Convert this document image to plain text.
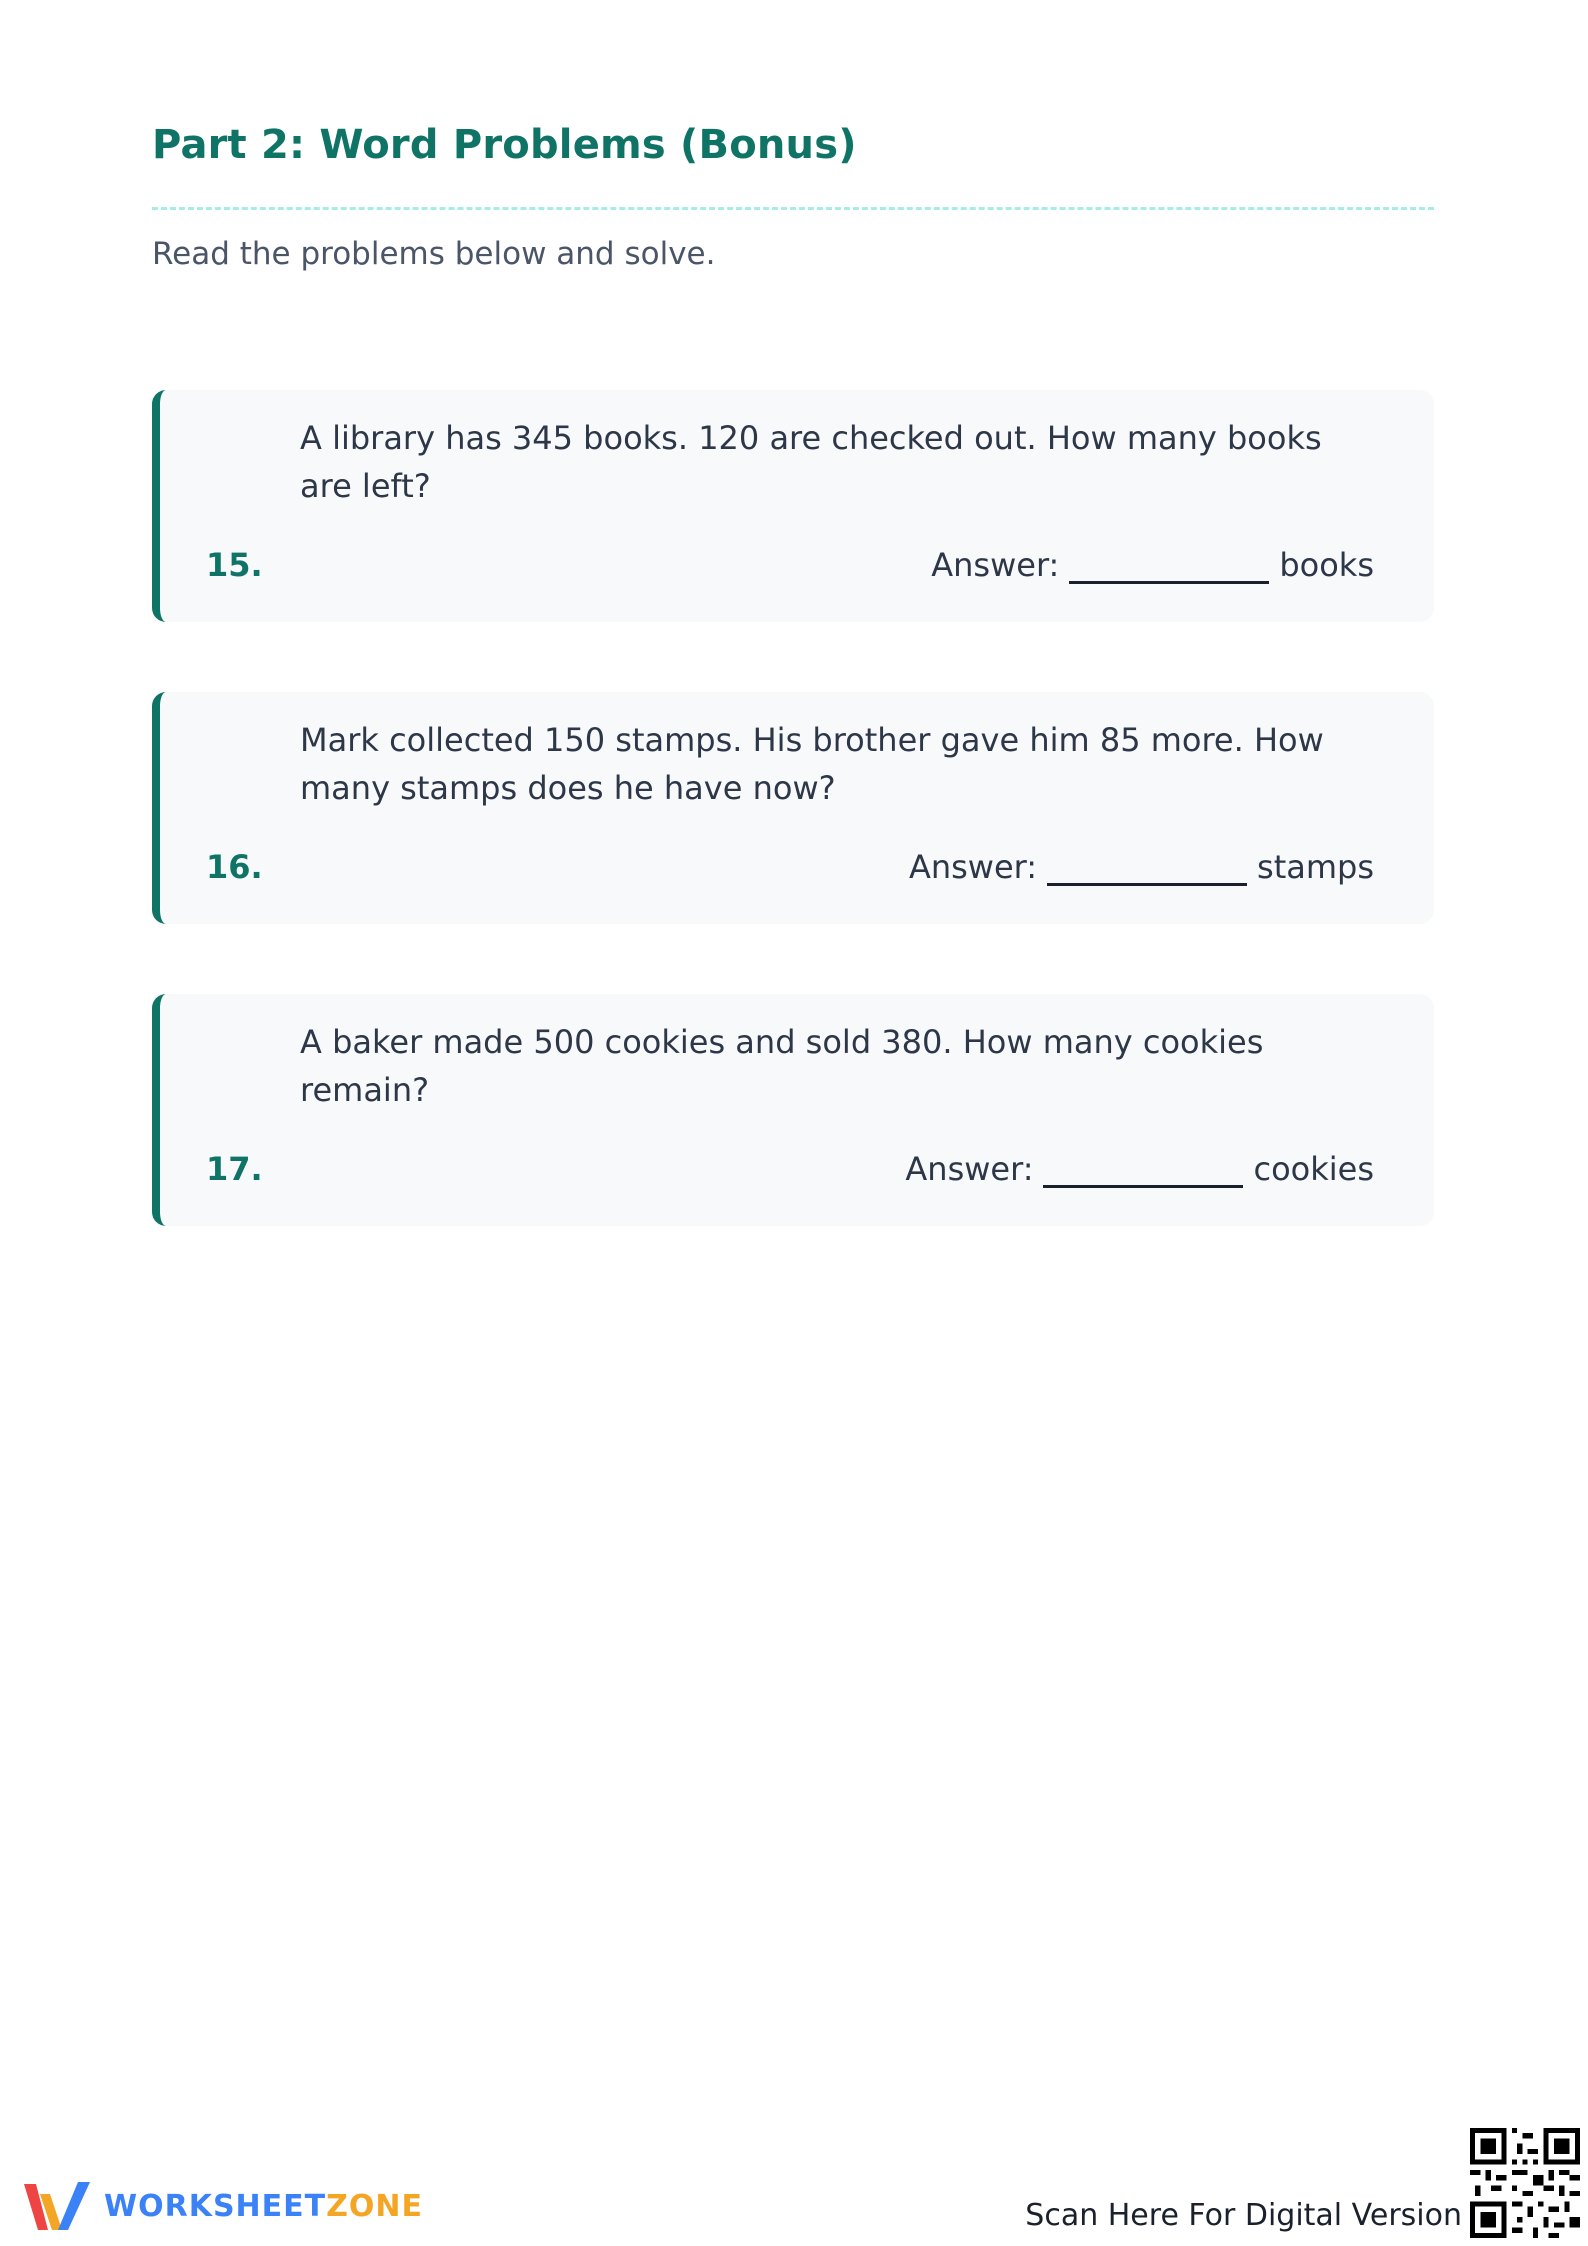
Part 2: Word Problems (Bonus)

Read the problems below and solve.

A library has 345 books. 120 are checked out. How many books are left?
15.	Answer:	books
Mark collected 150 stamps. His brother gave him 85 more. How many stamps does he have now?
16.	Answer:	stamps
A baker made 500 cookies and sold 380. How many cookies remain?
17.	Answer:	cookies
WORKSHEETZONE	Scan Here For Digital Version
